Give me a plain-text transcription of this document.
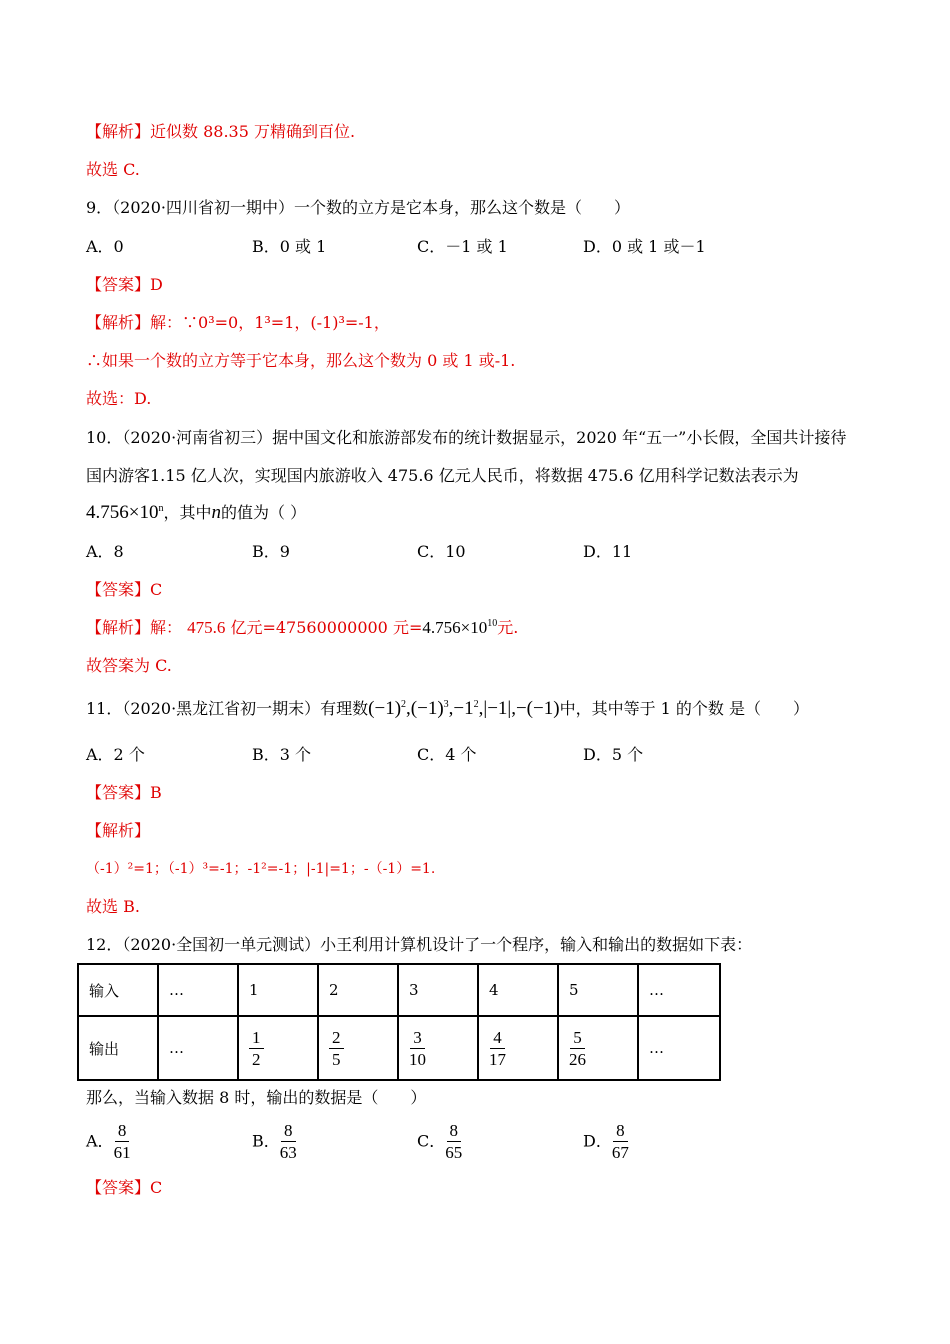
【解析】近似数 88.35 万精确到百位.
故选 C.
9．（2020·四川省初一期中）一个数的立方是它本身，那么这个数是（　　）
A．0	B．0 或 1	C．－1 或 1	D．0 或 1 或－1
【答案】D
【解析】解：∵0³=0，1³=1，(-1)³=-1，
∴如果一个数的立方等于它本身，那么这个数为 0 或 1 或-1.
故选：D.
10．（2020·河南省初三）据中国文化和旅游部发布的统计数据显示，2020 年“五一”小长假，全国共计接待
国内游客1.15 亿人次，实现国内旅游收入 475.6 亿元人民币，将数据 475.6 亿用科学记数法表示为
$4.756\times 10^n$，其中n的值为（ ）
A．8	B．9	C．10	D．11
【答案】C
【解析】解： 475.6 亿元=47560000000 元$=4.756\times 10^{10}$元.
故答案为 C.
11．（2020·黑龙江省初一期末）有理数$(-1)^2,(-1)^3,-1^2,|-1|,-(-1)$中，其中等于 1 的个数 是（　　）
A．2 个	B．3 个	C．4 个	D．5 个
【答案】B
【解析】
（-1）²=1；（-1）³=-1；-1²=-1；|-1|=1；-（-1）=1.
故选 B.
12．（2020·全国初一单元测试）小王利用计算机设计了一个程序，输入和输出的数据如下表：
输入	…	1	2	3	4	5	…
输出	…	$\frac{1}{2}$	$\frac{2}{5}$	$\frac{3}{10}$	$\frac{4}{17}$	$\frac{5}{26}$	…
那么，当输入数据 8 时，输出的数据是（　　）
A． $\frac{8}{61}$	B． $\frac{8}{63}$	C． $\frac{8}{65}$	D． $\frac{8}{67}$
【答案】C
